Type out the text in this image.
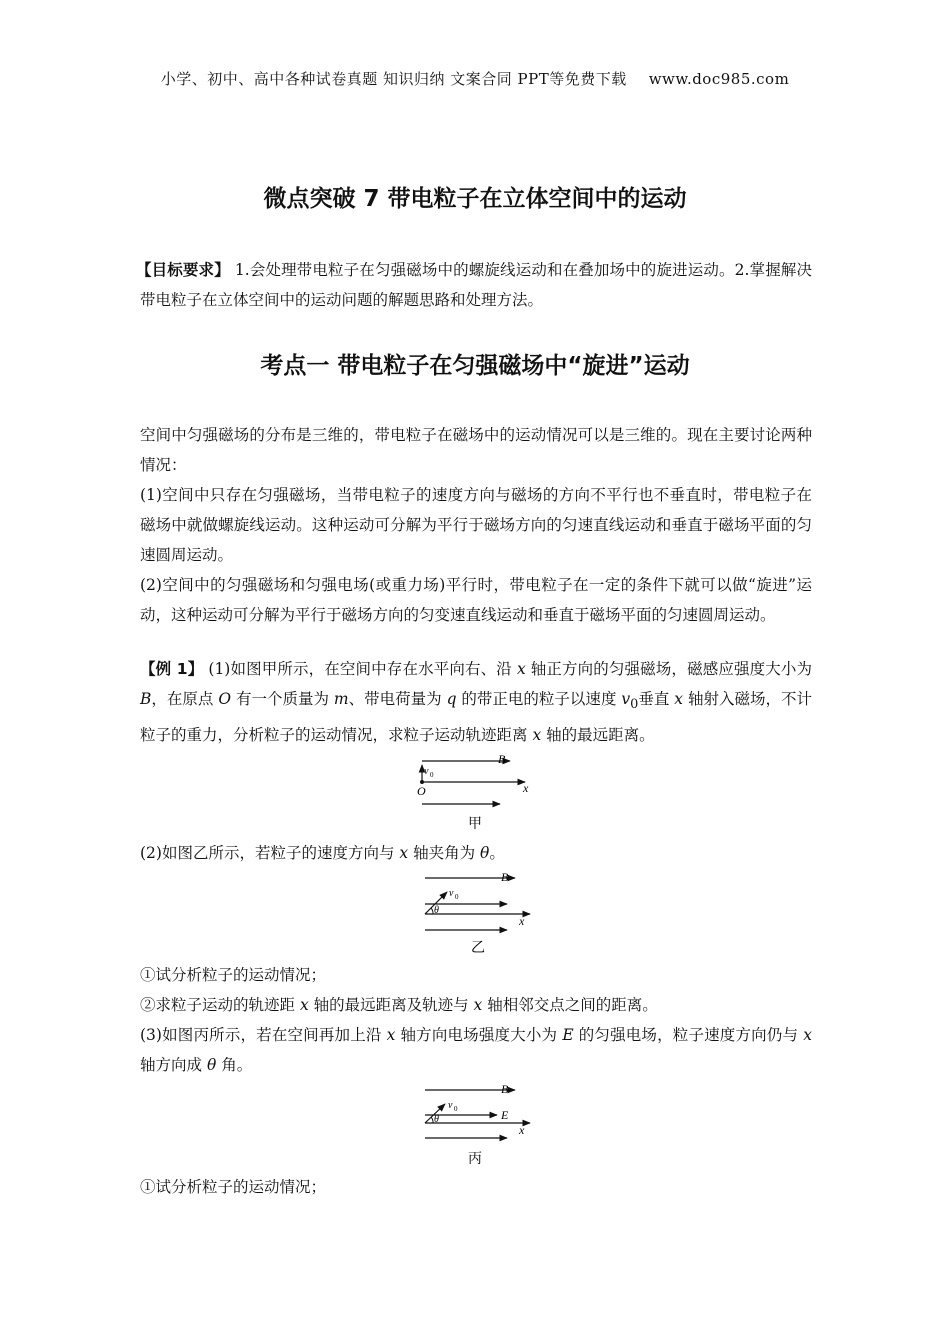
小学、初中、高中各种试卷真题 知识归纳 文案合同 PPT等免费下载 www.doc985.com
微点突破 7 带电粒子在立体空间中的运动
【目标要求】 1.会处理带电粒子在匀强磁场中的螺旋线运动和在叠加场中的旋进运动。2.掌握解决带电粒子在立体空间中的运动问题的解题思路和处理方法。
考点一 带电粒子在匀强磁场中“旋进”运动
空间中匀强磁场的分布是三维的，带电粒子在磁场中的运动情况可以是三维的。现在主要讨论两种情况：
(1)空间中只存在匀强磁场，当带电粒子的速度方向与磁场的方向不平行也不垂直时，带电粒子在磁场中就做螺旋线运动。这种运动可分解为平行于磁场方向的匀速直线运动和垂直于磁场平面的匀速圆周运动。
(2)空间中的匀强磁场和匀强电场(或重力场)平行时，带电粒子在一定的条件下就可以做“旋进”运动，这种运动可分解为平行于磁场方向的匀变速直线运动和垂直于磁场平面的匀速圆周运动。
【例 1】 (1)如图甲所示，在空间中存在水平向右、沿 x 轴正方向的匀强磁场，磁感应强度大小为 B，在原点 O 有一个质量为 m、带电荷量为 q 的带正电的粒子以速度 $v_0$垂直 x 轴射入磁场，不计粒子的重力，分析粒子的运动情况，求粒子运动轨迹距离 x 轴的最远距离。
B
v 0
O	x
甲
(2)如图乙所示，若粒子的速度方向与 x 轴夹角为 θ。
B
v 0
θ
x
乙
①试分析粒子的运动情况；
②求粒子运动的轨迹距 x 轴的最远距离及轨迹与 x 轴相邻交点之间的距离。
(3)如图丙所示，若在空间再加上沿 x 轴方向电场强度大小为 E 的匀强电场，粒子速度方向仍与 x 轴方向成 θ 角。
B
v 0	E
θ
x
丙
①试分析粒子的运动情况；
